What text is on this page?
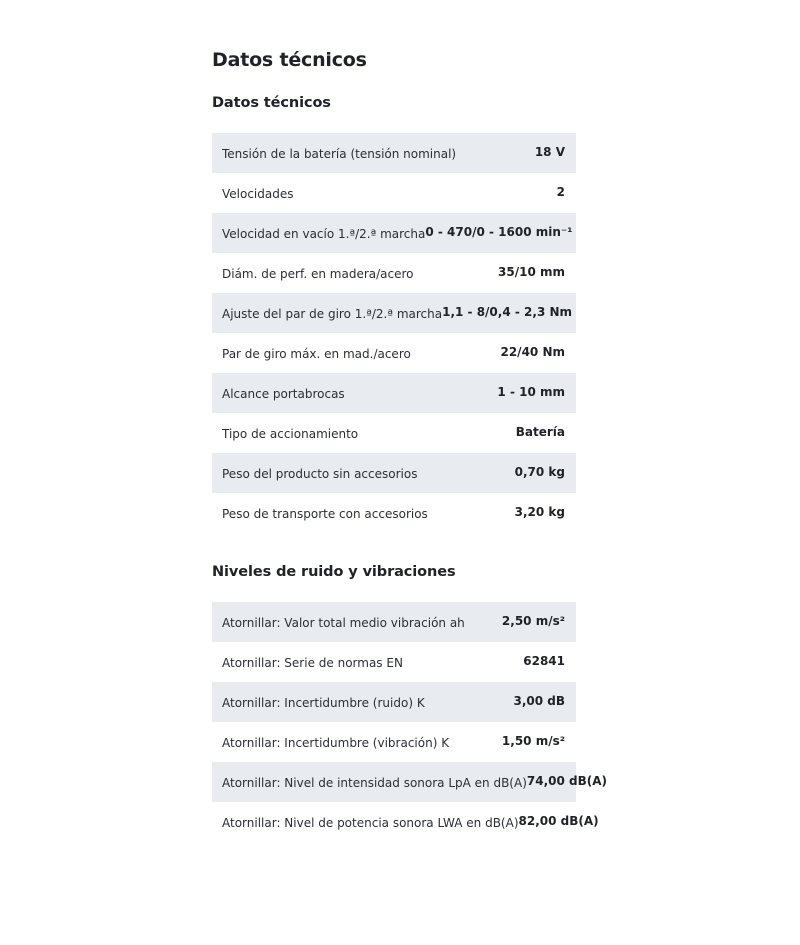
Datos técnicos
Datos técnicos
Tensión de la batería (tensión nominal)	18 V
Velocidades	2
Velocidad en vacío 1.ª/2.ª marcha 0 - 470/0 - 1600 min⁻¹
Diám. de perf. en madera/acero	35/10 mm
Ajuste del par de giro 1.ª/2.ª marcha 1,1 - 8/0,4 - 2,3 Nm
Par de giro máx. en mad./acero	22/40 Nm
Alcance portabrocas	1 - 10 mm
Tipo de accionamiento	Batería
Peso del producto sin accesorios	0,70 kg
Peso de transporte con accesorios	3,20 kg
Niveles de ruido y vibraciones
Atornillar: Valor total medio vibración ah	2,50 m/s²
Atornillar: Serie de normas EN	62841
Atornillar: Incertidumbre (ruido) K	3,00 dB
Atornillar: Incertidumbre (vibración) K	1,50 m/s²
Atornillar: Nivel de intensidad sonora LpA en dB(A) 74,00 dB(A)
Atornillar: Nivel de potencia sonora LWA en dB(A) 82,00 dB(A)
